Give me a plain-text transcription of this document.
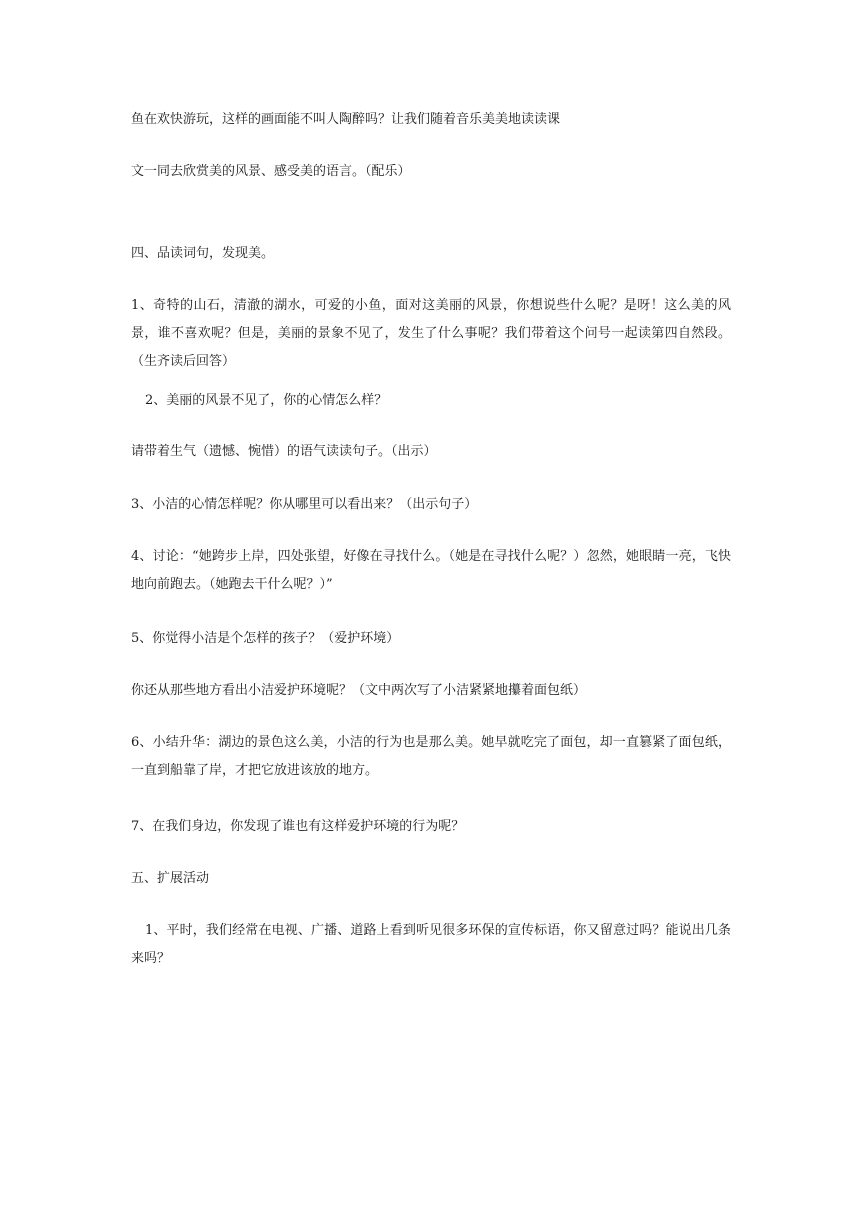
鱼在欢快游玩，这样的画面能不叫人陶醉吗？让我们随着音乐美美地读读课

文一同去欣赏美的风景、感受美的语言。（配乐）

四、品读词句，发现美。

1、奇特的山石，清澈的湖水，可爱的小鱼，面对这美丽的风景，你想说些什么呢？是呀！这么美的风景，谁不喜欢呢？但是，美丽的景象不见了，发生了什么事呢？我们带着这个问号一起读第四自然段。（生齐读后回答）

2、美丽的风景不见了，你的心情怎么样？

请带着生气（遗憾、惋惜）的语气读读句子。（出示）

3、小洁的心情怎样呢？你从哪里可以看出来？（出示句子）

4、讨论：“她跨步上岸，四处张望，好像在寻找什么。（她是在寻找什么呢？）忽然，她眼睛一亮，飞快地向前跑去。（她跑去干什么呢？）”

5、你觉得小洁是个怎样的孩子？（爱护环境）

你还从那些地方看出小洁爱护环境呢？（文中两次写了小洁紧紧地攥着面包纸）

6、小结升华：湖边的景色这么美，小洁的行为也是那么美。她早就吃完了面包，却一直篡紧了面包纸，一直到船靠了岸，才把它放进该放的地方。

7、在我们身边，你发现了谁也有这样爱护环境的行为呢？

五、扩展活动

1、平时，我们经常在电视、广播、道路上看到听见很多环保的宣传标语，你又留意过吗？能说出几条来吗？
